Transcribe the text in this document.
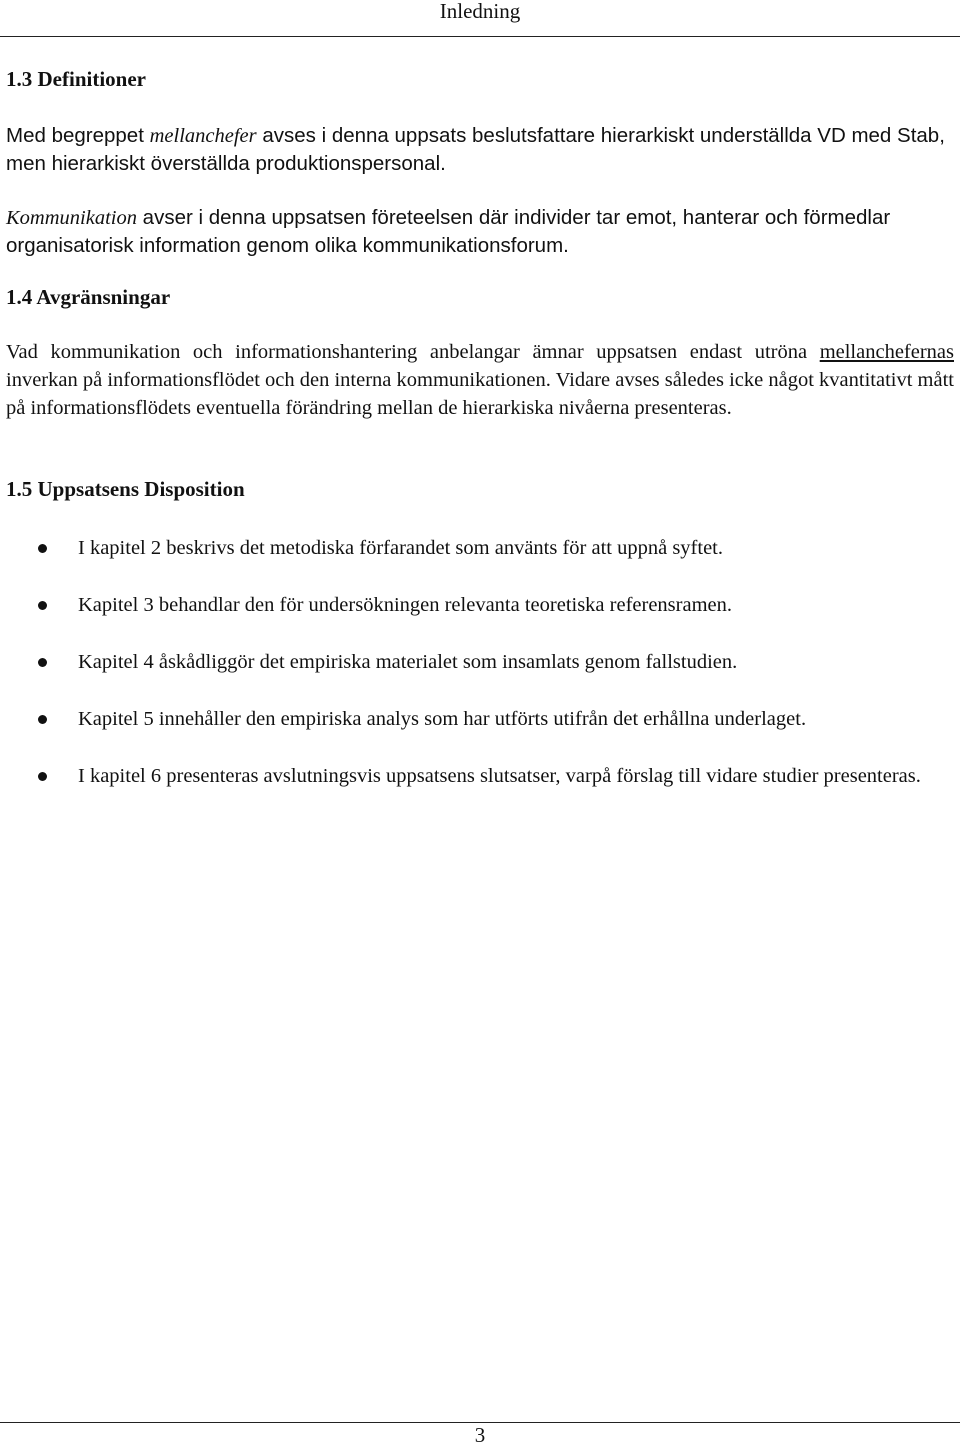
Inledning
1.3 Definitioner

Med begreppet mellanchefer avses i denna uppsats beslutsfattare hierarkiskt underställda VD med Stab, men hierarkiskt överställda produktionspersonal.

Kommunikation avser i denna uppsatsen företeelsen där individer tar emot, hanterar och förmedlar organisatorisk information genom olika kommunikationsforum.

1.4 Avgränsningar

Vad kommunikation och informationshantering anbelangar ämnar uppsatsen endast utröna mellanchefernas inverkan på informationsflödet och den interna kommunikationen. Vidare avses således icke något kvantitativt mått på informationsflödets eventuella förändring mellan de hierarkiska nivåerna presenteras.

1.5 Uppsatsens Disposition
I kapitel 2 beskrivs det metodiska förfarandet som använts för att uppnå syftet.
Kapitel 3 behandlar den för undersökningen relevanta teoretiska referensramen.
Kapitel 4 åskådliggör det empiriska materialet som insamlats genom fallstudien.
Kapitel 5 innehåller den empiriska analys som har utförts utifrån det erhållna underlaget.
I kapitel 6 presenteras avslutningsvis uppsatsens slutsatser, varpå förslag till vidare studier presenteras.
3
